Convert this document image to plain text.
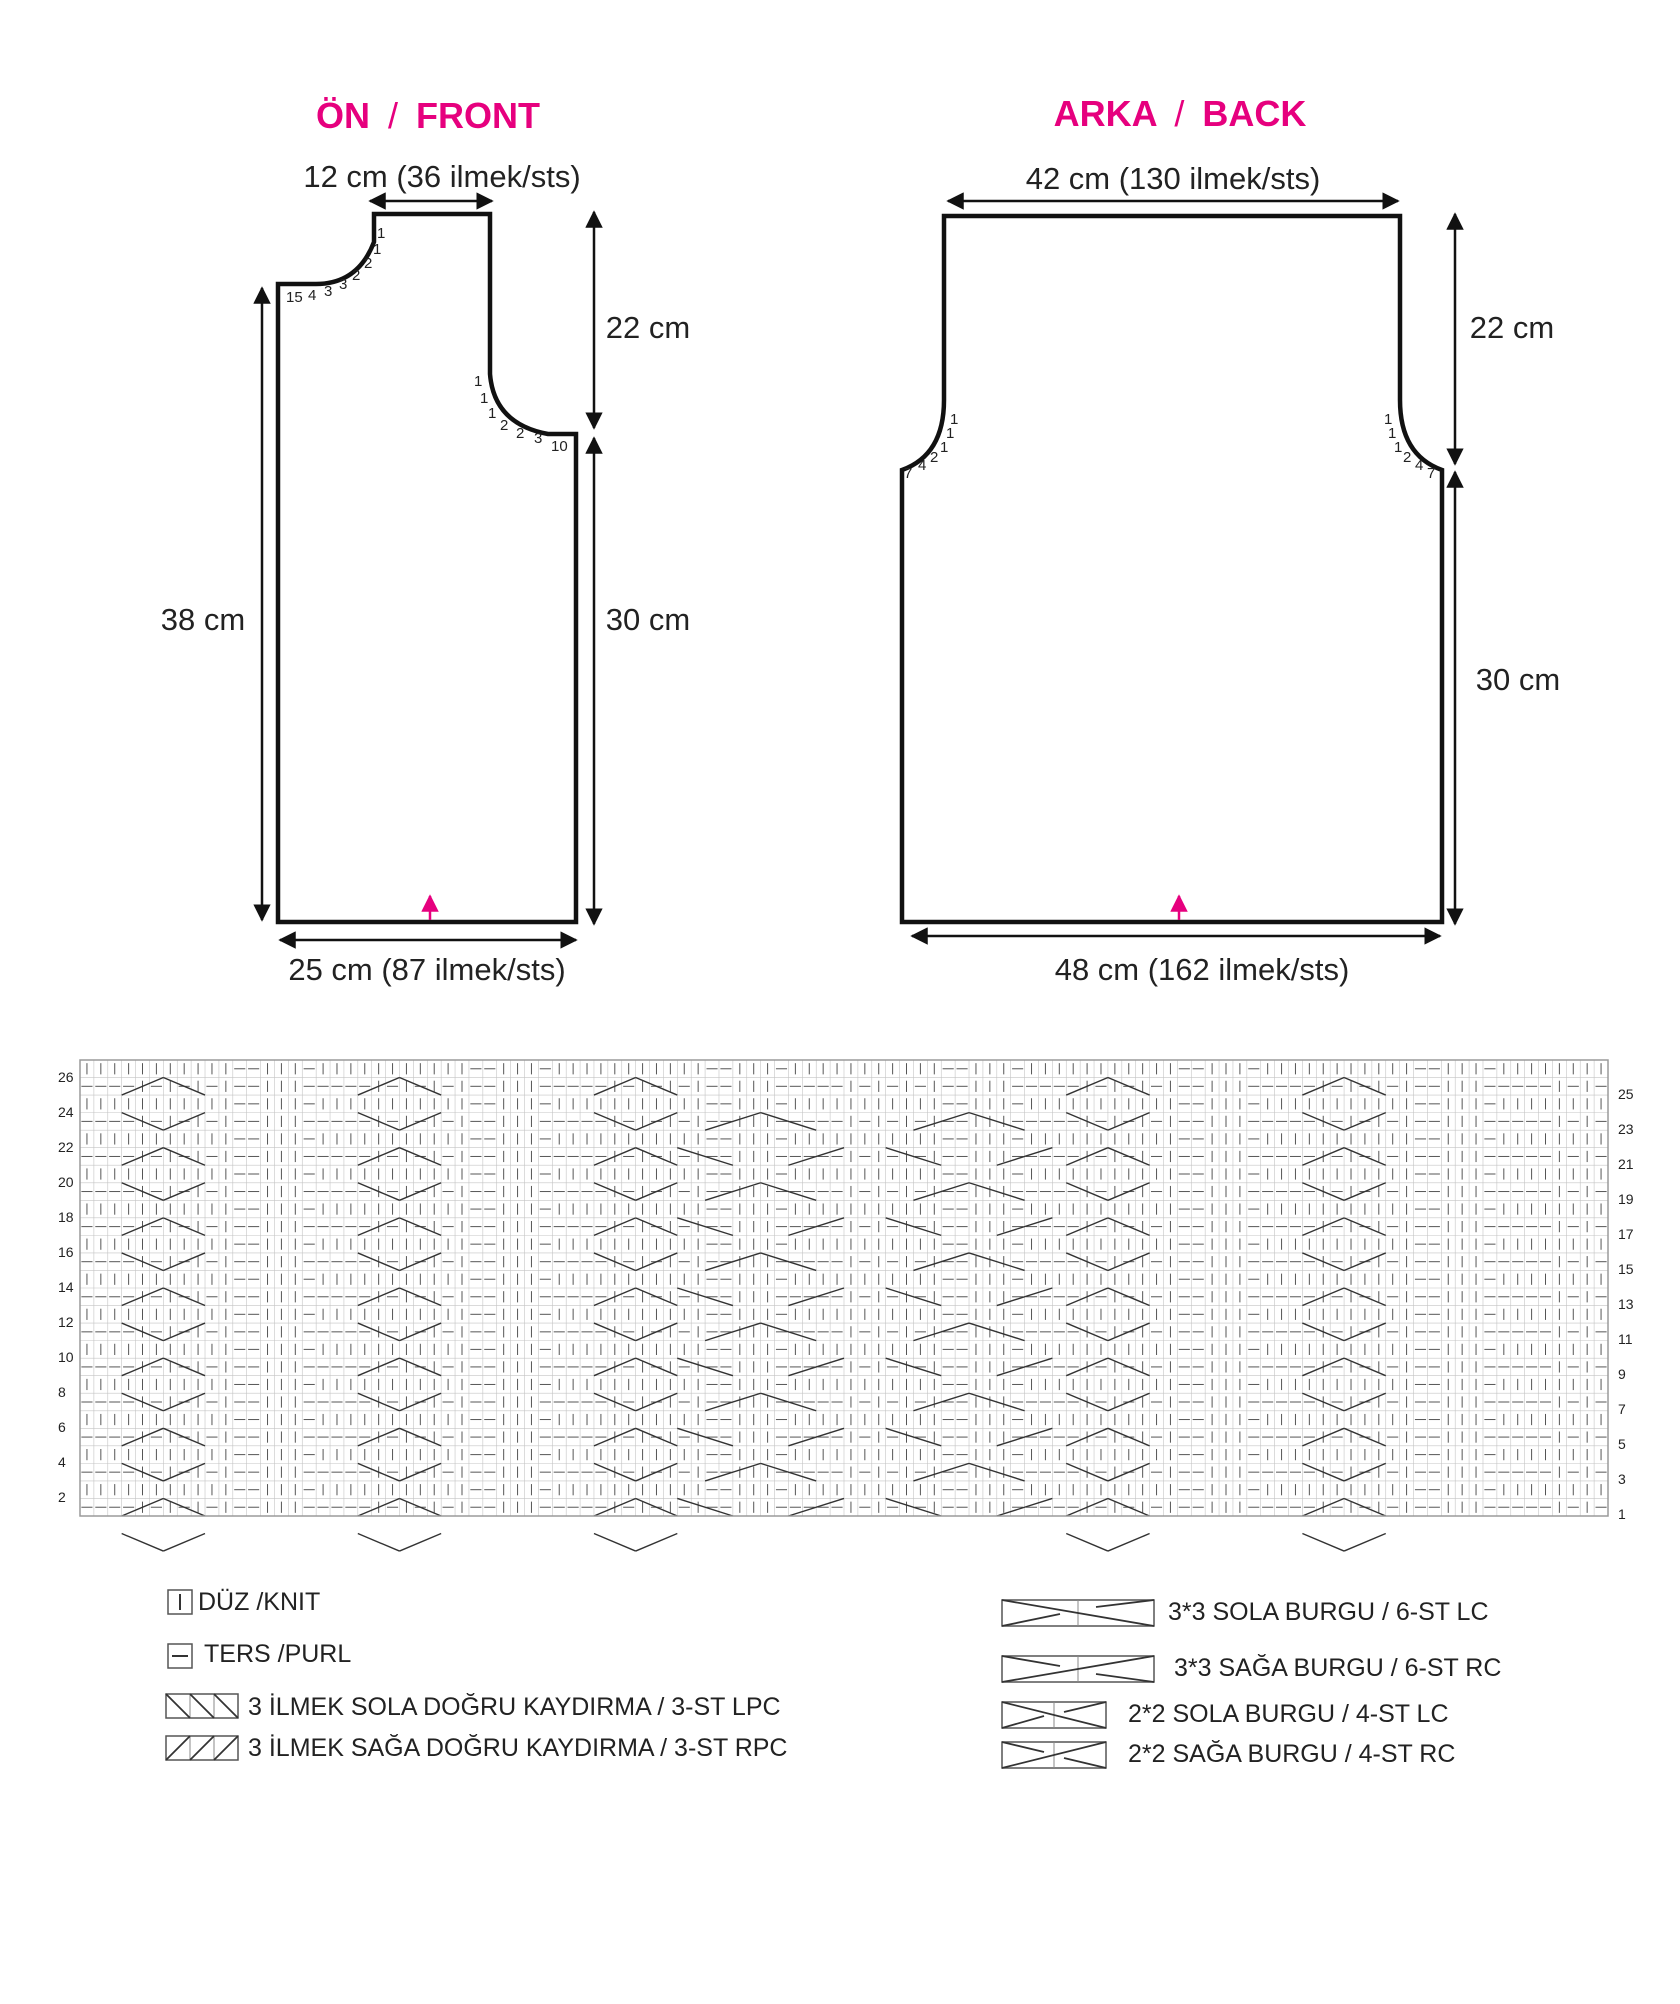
ÖN / FRONT
12 cm (36 ilmek/sts)
38 cm
22 cm
30 cm
25 cm (87 ilmek/sts)
1
1
2
2
3
3
4
15
1
1
1
2 2 3 10
ARKA / BACK
42 cm (130 ilmek/sts)
22 cm
30 cm
48 cm (162 ilmek/sts)
1
1
1
2
4
7
1
1
1
2 4 7
26
24
22
20
18
16
14
12
10
8
6
4
2
25
23
21
19
17
15
13
11
9
7
5
3
1
DÜZ /KNIT
TERS /PURL
3 İLMEK SOLA DOĞRU KAYDIRMA / 3-ST LPC
3 İLMEK SAĞA DOĞRU KAYDIRMA / 3-ST RPC
3*3 SOLA BURGU / 6-ST LC
3*3 SAĞA BURGU / 6-ST RC
2*2 SOLA BURGU / 4-ST LC
2*2 SAĞA BURGU / 4-ST RC
